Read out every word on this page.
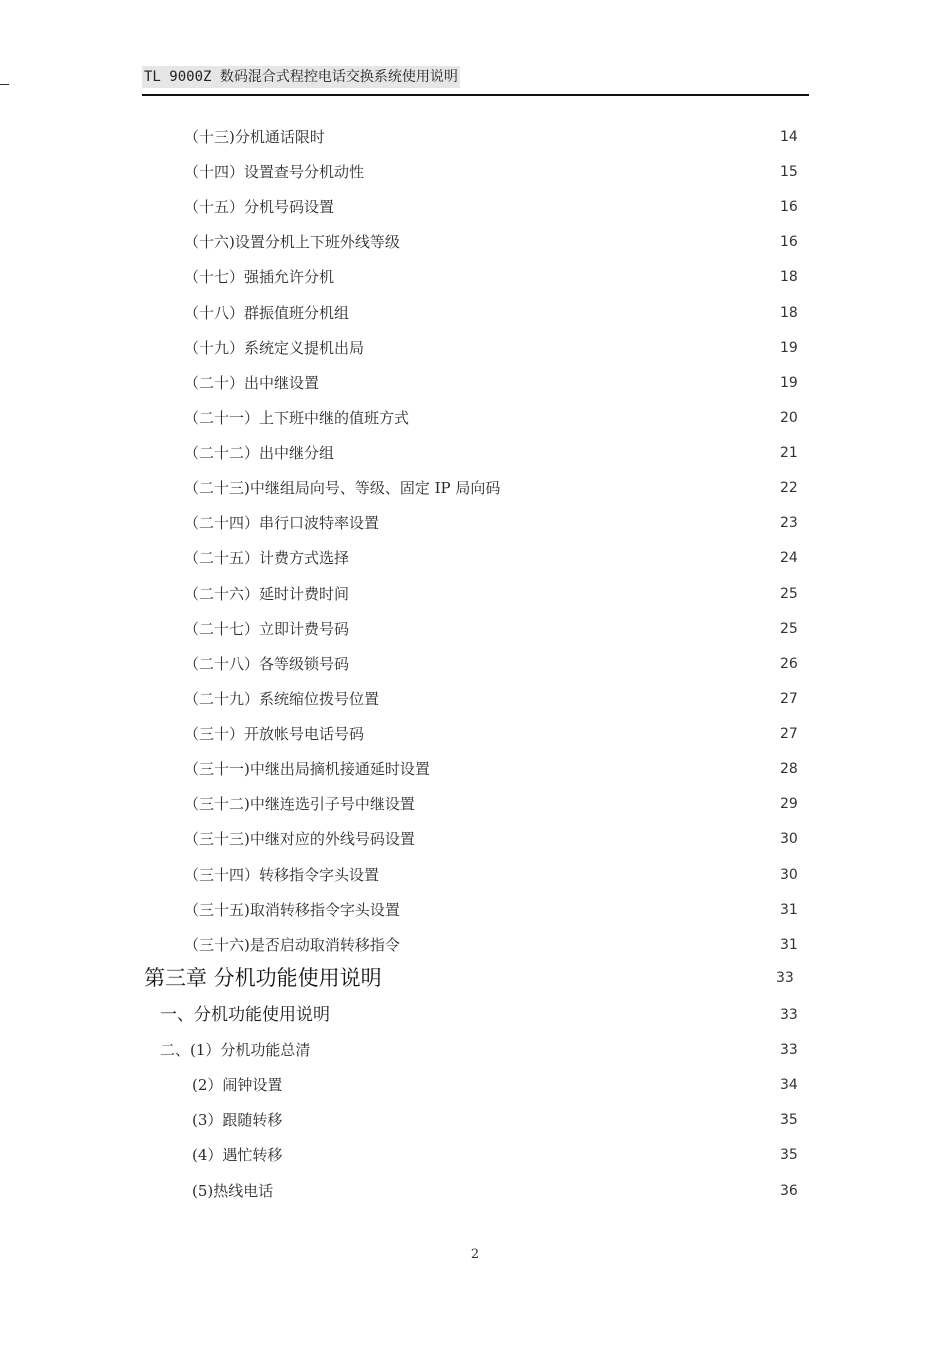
TL 9000Z 数码混合式程控电话交换系统使用说明
（十三)分机通话限时	14
（十四）设置查号分机动性	15
（十五）分机号码设置	16
（十六)设置分机上下班外线等级	16
（十七）强插允许分机	18
（十八）群振值班分机组	18
（十九）系统定义提机出局	19
（二十）出中继设置	19
（二十一）上下班中继的值班方式	20
（二十二）出中继分组	21
（二十三)中继组局向号、等级、固定 IP 局向码	22
（二十四）串行口波特率设置	23
（二十五）计费方式选择	24
（二十六）延时计费时间	25
（二十七）立即计费号码	25
（二十八）各等级锁号码	26
（二十九）系统缩位拨号位置	27
（三十）开放帐号电话号码	27
（三十一)中继出局摘机接通延时设置	28
（三十二)中继连选引子号中继设置	29
（三十三)中继对应的外线号码设置	30
（三十四）转移指令字头设置	30
（三十五)取消转移指令字头设置	31
（三十六)是否启动取消转移指令	31
第三章 分机功能使用说明	33
一、分机功能使用说明	33
二、(1）分机功能总清	33
(2）闹钟设置	34
(3）跟随转移	35
(4）遇忙转移	35
(5)热线电话	36
2
